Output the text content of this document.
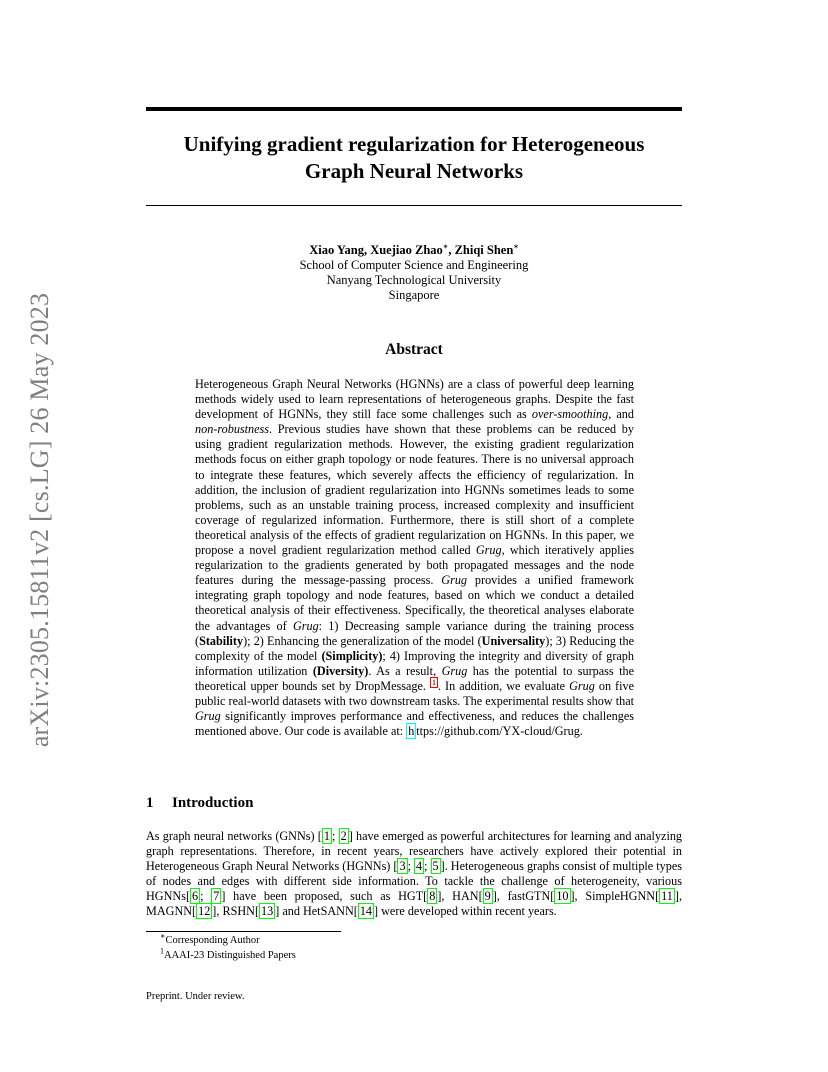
arXiv:2305.15811v2 [cs.LG] 26 May 2023
Unifying gradient regularization for Heterogeneous
Graph Neural Networks
Xiao Yang, Xuejiao Zhao∗, Zhiqi Shen∗
School of Computer Science and Engineering
Nanyang Technological University
Singapore
Abstract
Heterogeneous Graph Neural Networks (HGNNs) are a class of powerful deep learning methods widely used to learn representations of heterogeneous graphs. Despite the fast development of HGNNs, they still face some challenges such as over-smoothing, and non-robustness. Previous studies have shown that these problems can be reduced by using gradient regularization methods. However, the existing gradient regularization methods focus on either graph topology or node features. There is no universal approach to integrate these features, which severely affects the efficiency of regularization. In addition, the inclusion of gradient regularization into HGNNs sometimes leads to some problems, such as an unstable training process, increased complexity and insufficient coverage of regularized information. Furthermore, there is still short of a complete theoretical analysis of the effects of gradient regularization on HGNNs. In this paper, we propose a novel gradient regularization method called Grug, which iteratively applies regularization to the gradients generated by both propagated messages and the node features during the message-passing process. Grug provides a unified framework integrating graph topology and node features, based on which we conduct a detailed theoretical analysis of their effectiveness. Specifically, the theoretical analyses elaborate the advantages of Grug: 1) Decreasing sample variance during the training process (Stability); 2) Enhancing the generalization of the model (Universality); 3) Reducing the complexity of the model (Simplicity); 4) Improving the integrity and diversity of graph information utilization (Diversity). As a result, Grug has the potential to surpass the theoretical upper bounds set by DropMessage. $^1$ . In addition, we evaluate Grug on five public real-world datasets with two downstream tasks. The experimental results show that Grug significantly improves performance and effectiveness, and reduces the challenges mentioned above. Our code is available at: h ttps://github.com/YX-cloud/Grug.
1 Introduction
As graph neural networks (GNNs) [ 1 ; 2 ] have emerged as powerful architectures for learning and analyzing graph representations. Therefore, in recent years, researchers have actively explored their potential in Heterogeneous Graph Neural Networks (HGNNs) [ 3 ; 4 ; 5 ]. Heterogeneous graphs consist of multiple types of nodes and edges with different side information. To tackle the challenge of heterogeneity, various HGNNs[ 6 ; 7 ] have been proposed, such as HGT[ 8 ], HAN[ 9 ], fastGTN[ 10 ], SimpleHGNN[ 11 ], MAGNN[ 12 ], RSHN[ 13 ] and HetSANN[ 14 ] were developed within recent years.
∗Corresponding Author
$^1$AAAI-23 Distinguished Papers
Preprint. Under review.
